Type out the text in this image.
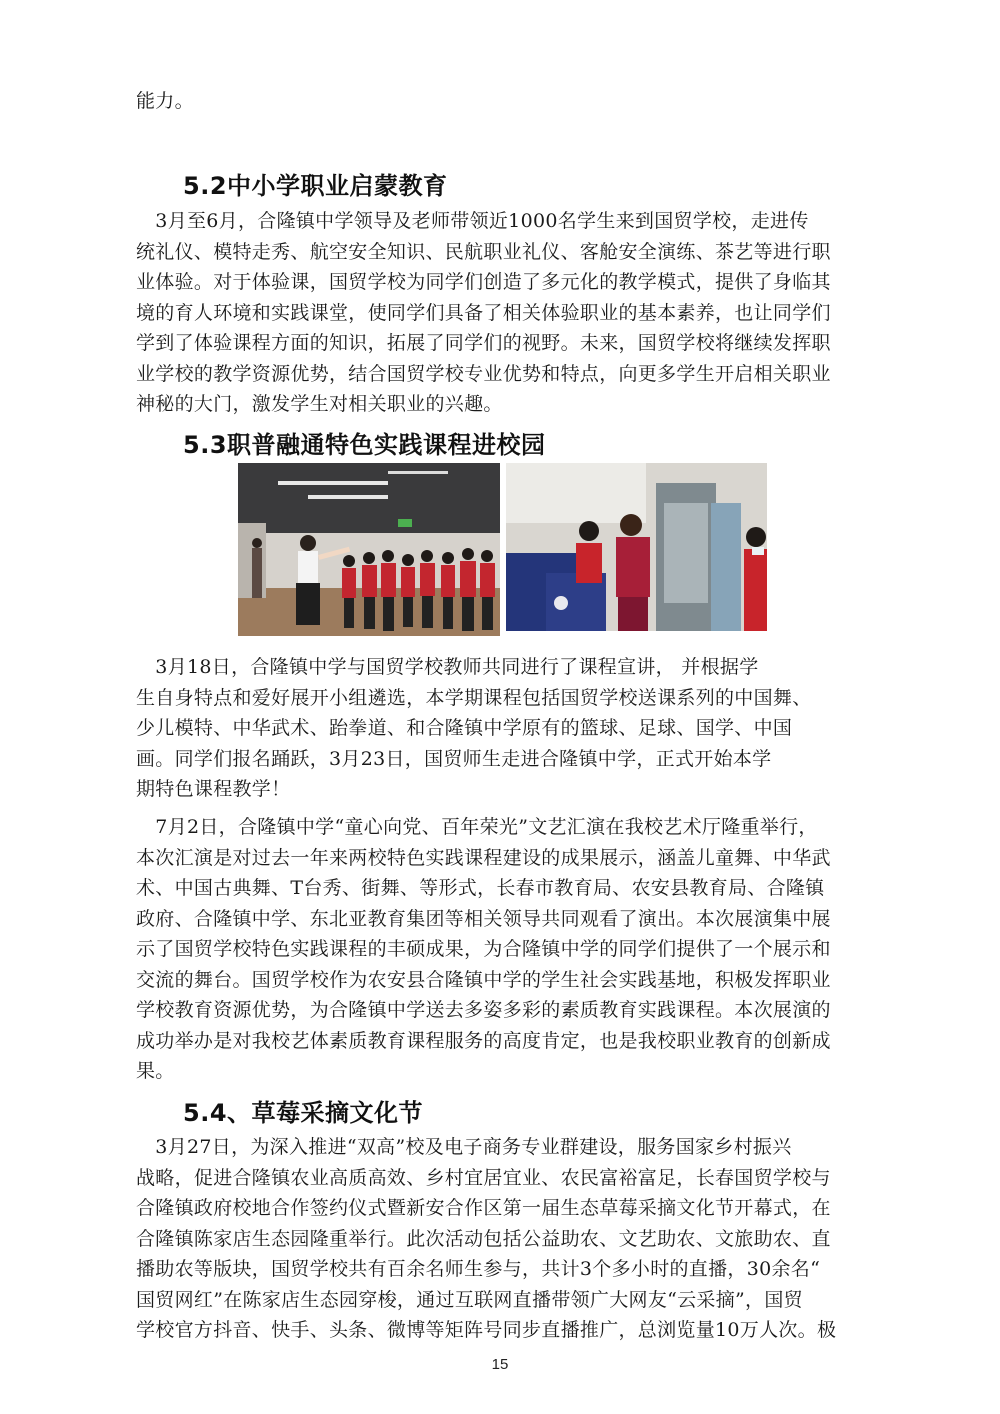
能力。

5.2中小学职业启蒙教育

　3月至6月，合隆镇中学领导及老师带领近1000名学生来到国贸学校，走进传
统礼仪、模特走秀、航空安全知识、民航职业礼仪、客舱安全演练、茶艺等进行职
业体验。对于体验课，国贸学校为同学们创造了多元化的教学模式，提供了身临其
境的育人环境和实践课堂，使同学们具备了相关体验职业的基本素养，也让同学们
学到了体验课程方面的知识，拓展了同学们的视野。未来，国贸学校将继续发挥职
业学校的教学资源优势，结合国贸学校专业优势和特点，向更多学生开启相关职业
神秘的大门，激发学生对相关职业的兴趣。

5.3职普融通特色实践课程进校园

　3月18日，合隆镇中学与国贸学校教师共同进行了课程宣讲， 并根据学
生自身特点和爱好展开小组遴选，本学期课程包括国贸学校送课系列的中国舞、
少儿模特、中华武术、跆拳道、和合隆镇中学原有的篮球、足球、国学、中国
画。同学们报名踊跃，3月23日，国贸师生走进合隆镇中学，正式开始本学
期特色课程教学！

　7月2日，合隆镇中学“童心向党、百年荣光”文艺汇演在我校艺术厅隆重举行，
本次汇演是对过去一年来两校特色实践课程建设的成果展示，涵盖儿童舞、中华武
术、中国古典舞、T台秀、街舞、等形式，长春市教育局、农安县教育局、合隆镇
政府、合隆镇中学、东北亚教育集团等相关领导共同观看了演出。本次展演集中展
示了国贸学校特色实践课程的丰硕成果，为合隆镇中学的同学们提供了一个展示和
交流的舞台。国贸学校作为农安县合隆镇中学的学生社会实践基地，积极发挥职业
学校教育资源优势，为合隆镇中学送去多姿多彩的素质教育实践课程。本次展演的
成功举办是对我校艺体素质教育课程服务的高度肯定，也是我校职业教育的创新成
果。

5.4、草莓采摘文化节

　3月27日，为深入推进“双高”校及电子商务专业群建设，服务国家乡村振兴
战略，促进合隆镇农业高质高效、乡村宜居宜业、农民富裕富足，长春国贸学校与
合隆镇政府校地合作签约仪式暨新安合作区第一届生态草莓采摘文化节开幕式，在
合隆镇陈家店生态园隆重举行。此次活动包括公益助农、文艺助农、文旅助农、直
播助农等版块，国贸学校共有百余名师生参与，共计3个多小时的直播，30余名“
国贸网红”在陈家店生态园穿梭，通过互联网直播带领广大网友“云采摘”，国贸
学校官方抖音、快手、头条、微博等矩阵号同步直播推广，总浏览量10万人次。极

15
